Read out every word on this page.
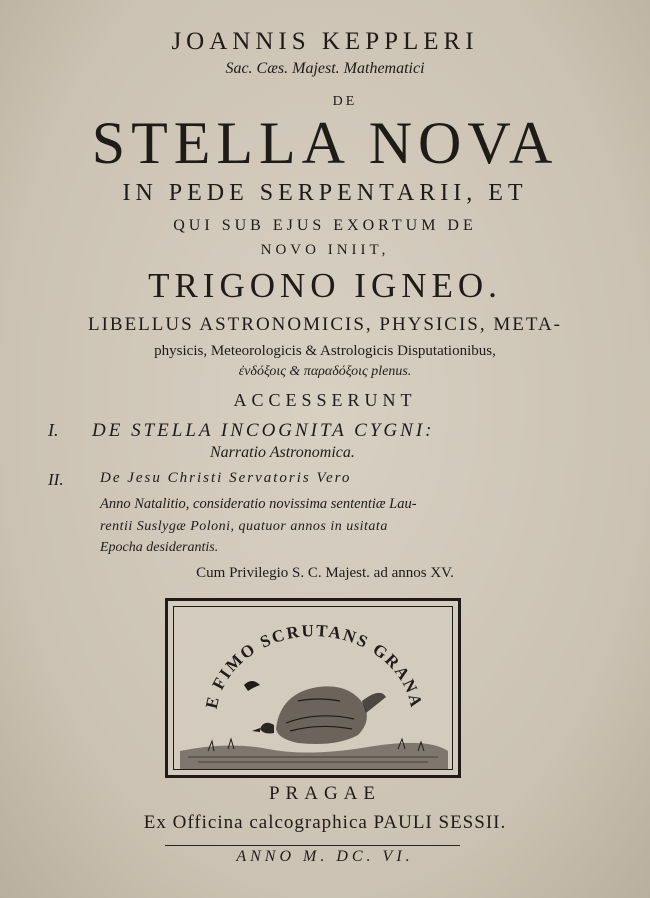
JOANNIS KEPPLERI
Sac. Cæs. Majest. Mathematici
DE
STELLA NOVA
IN PEDE SERPENTARII, ET
QUI SUB EJUS EXORTUM DE
NOVO INIIT,
TRIGONO IGNEO.
LIBELLUS ASTRONOMICIS, PHYSICIS, META-
physicis, Meteorologicis & Astrologicis Disputationibus,
ἐνδόξοις & παραδόξοις plenus.
ACCESSERUNT
I. DE STELLA INCOGNITA CYGNI:
Narratio Astronomica.
II. De Jesu Christi Servatoris Vero
Anno Natalitio, consideratio novissima sententiæ Lau-
rentii Suslygæ Poloni, quatuor annos in usitata
Epocha desiderantis.
Cum Privilegio S. C. Majest. ad annos XV.
E FIMO SCRUTANS GRANA
PRAGAE
Ex Officina calcographica PAULI SESSII.
ANNO M. DC. VI.
